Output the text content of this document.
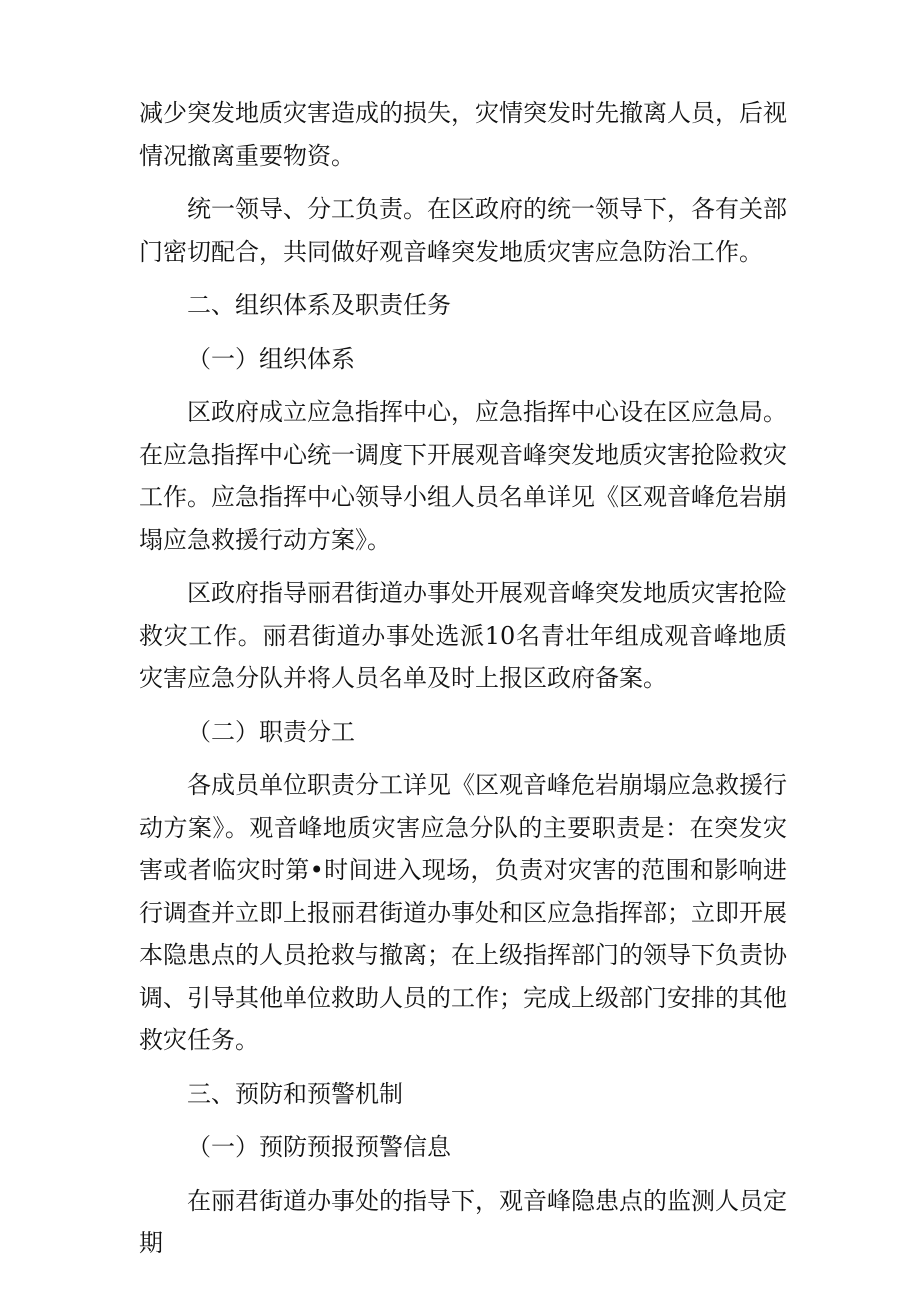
减少突发地质灾害造成的损失，灾情突发时先撤离人员，后视情况撤离重要物资。

统一领导、分工负责。在区政府的统一领导下，各有关部门密切配合，共同做好观音峰突发地质灾害应急防治工作。

二、组织体系及职责任务

（一）组织体系

区政府成立应急指挥中心，应急指挥中心设在区应急局。在应急指挥中心统一调度下开展观音峰突发地质灾害抢险救灾工作。应急指挥中心领导小组人员名单详见《区观音峰危岩崩塌应急救援行动方案》。

区政府指导丽君街道办事处开展观音峰突发地质灾害抢险救灾工作。丽君街道办事处选派10名青壮年组成观音峰地质灾害应急分队并将人员名单及时上报区政府备案。

（二）职责分工

各成员单位职责分工详见《区观音峰危岩崩塌应急救援行动方案》。观音峰地质灾害应急分队的主要职责是：在突发灾害或者临灾时第•时间进入现场，负责对灾害的范围和影响进行调查并立即上报丽君街道办事处和区应急指挥部；立即开展本隐患点的人员抢救与撤离；在上级指挥部门的领导下负责协调、引导其他单位救助人员的工作；完成上级部门安排的其他救灾任务。

三、预防和预警机制

（一）预防预报预警信息

在丽君街道办事处的指导下，观音峰隐患点的监测人员定期
